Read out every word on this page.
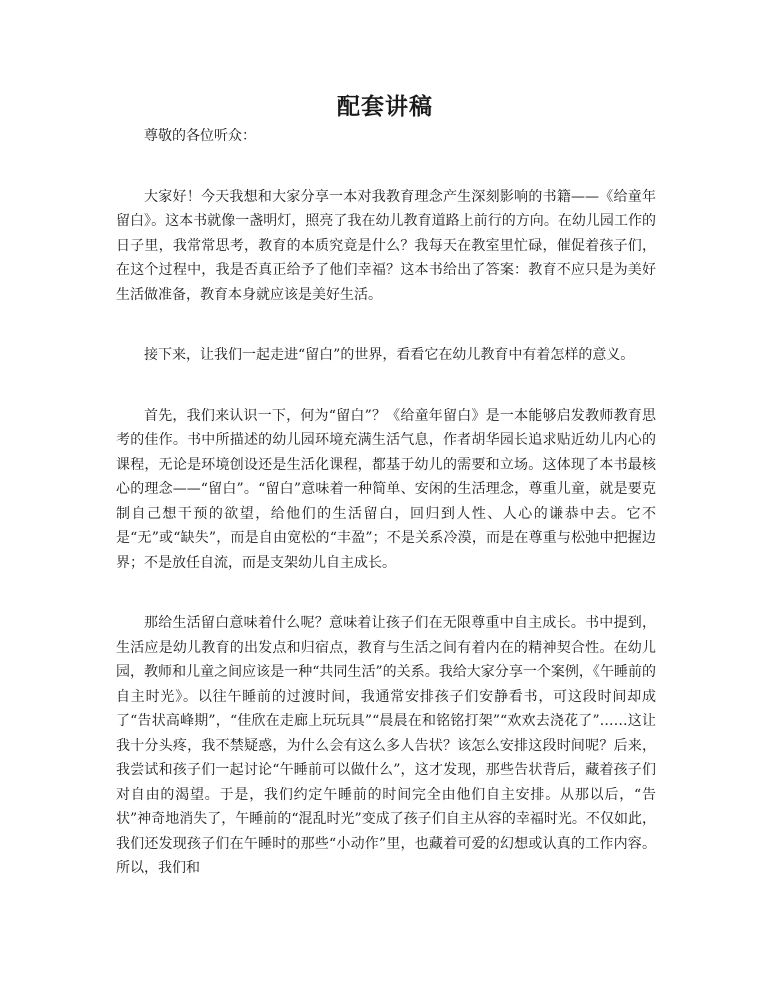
配套讲稿

尊敬的各位听众：

大家好！今天我想和大家分享一本对我教育理念产生深刻影响的书籍——《给童年留白》。这本书就像一盏明灯，照亮了我在幼儿教育道路上前行的方向。在幼儿园工作的日子里，我常常思考，教育的本质究竟是什么？我每天在教室里忙碌，催促着孩子们，在这个过程中，我是否真正给予了他们幸福？这本书给出了答案：教育不应只是为美好生活做准备，教育本身就应该是美好生活。

接下来，让我们一起走进“留白”的世界，看看它在幼儿教育中有着怎样的意义。

首先，我们来认识一下，何为“留白”？《给童年留白》是一本能够启发教师教育思考的佳作。书中所描述的幼儿园环境充满生活气息，作者胡华园长追求贴近幼儿内心的课程，无论是环境创设还是生活化课程，都基于幼儿的需要和立场。这体现了本书最核心的理念——“留白”。“留白”意味着一种简单、安闲的生活理念，尊重儿童，就是要克制自己想干预的欲望，给他们的生活留白，回归到人性、人心的谦恭中去。它不是“无”或“缺失”，而是自由宽松的“丰盈”；不是关系冷漠，而是在尊重与松弛中把握边界；不是放任自流，而是支架幼儿自主成长。

那给生活留白意味着什么呢？意味着让孩子们在无限尊重中自主成长。书中提到，生活应是幼儿教育的出发点和归宿点，教育与生活之间有着内在的精神契合性。在幼儿园，教师和儿童之间应该是一种“共同生活”的关系。我给大家分享一个案例，《午睡前的自主时光》。以往午睡前的过渡时间，我通常安排孩子们安静看书，可这段时间却成了“告状高峰期”，“佳欣在走廊上玩玩具”“晨晨在和铭铭打架”“欢欢去浇花了”……这让我十分头疼，我不禁疑惑，为什么会有这么多人告状？该怎么安排这段时间呢？后来，我尝试和孩子们一起讨论“午睡前可以做什么”，这才发现，那些告状背后，藏着孩子们对自由的渴望。于是，我们约定午睡前的时间完全由他们自主安排。从那以后，“告状”神奇地消失了，午睡前的“混乱时光”变成了孩子们自主从容的幸福时光。不仅如此，我们还发现孩子们在午睡时的那些“小动作”里，也藏着可爱的幻想或认真的工作内容。所以，我们和
